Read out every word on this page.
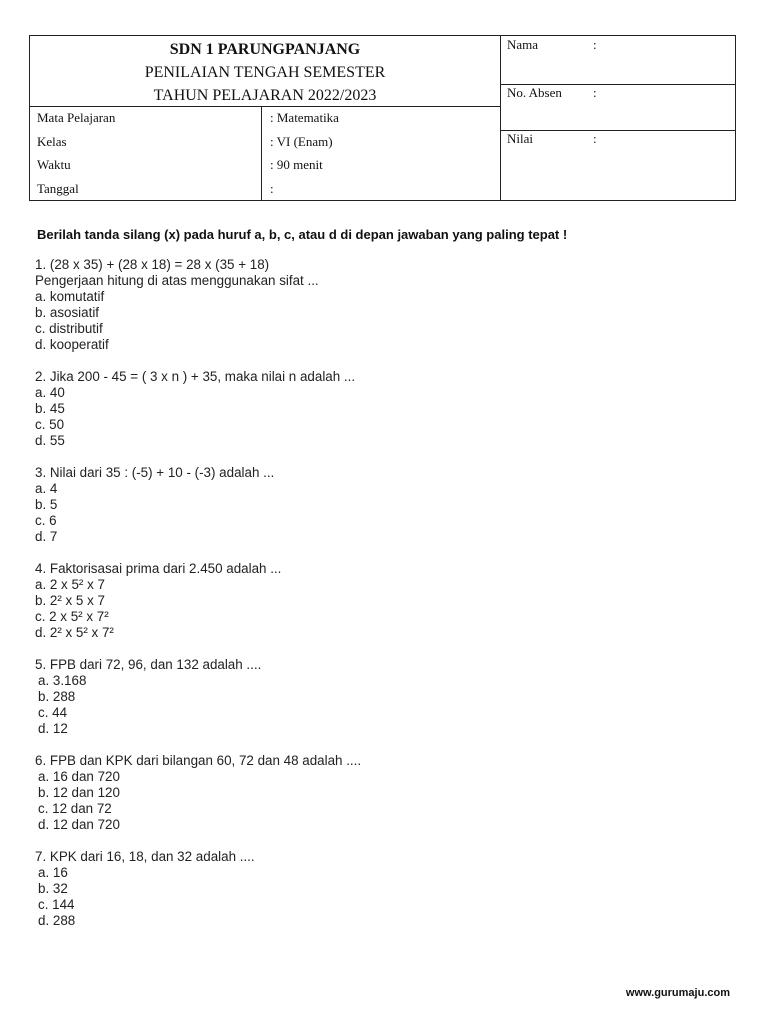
SDN 1 PARUNGPANJANG
PENILAIAN TENGAH SEMESTER
TAHUN PELAJARAN 2022/2023
Mata Pelajaran	: Matematika
Kelas	: VI (Enam)
Waktu	: 90 menit
Tanggal	:
Nama	:
No. Absen :
Nilai	:
Berilah tanda silang (x) pada huruf a, b, c, atau d di depan jawaban yang paling tepat !
1. (28 x 35) + (28 x 18) = 28 x (35 + 18)
Pengerjaan hitung di atas menggunakan sifat ...
a. komutatif
b. asosiatif
c. distributif
d. kooperatif
2. Jika 200 - 45 = ( 3 x n ) + 35, maka nilai n adalah ...
a. 40
b. 45
c. 50
d. 55
3. Nilai dari 35 : (-5) + 10 - (-3) adalah ...
a. 4
b. 5
c. 6
d. 7
4. Faktorisasai prima dari 2.450 adalah ...
a. 2 x 5² x 7
b. 2² x 5 x 7
c. 2 x 5² x 7²
d. 2² x 5² x 7²
5. FPB dari 72, 96, dan 132 adalah ....
a. 3.168
b. 288
c. 44
d. 12
6. FPB dan KPK dari bilangan 60, 72 dan 48 adalah ....
a. 16 dan 720
b. 12 dan 120
c. 12 dan 72
d. 12 dan 720
7. KPK dari 16, 18, dan 32 adalah ....
a. 16
b. 32
c. 144
d. 288
www.gurumaju.com
